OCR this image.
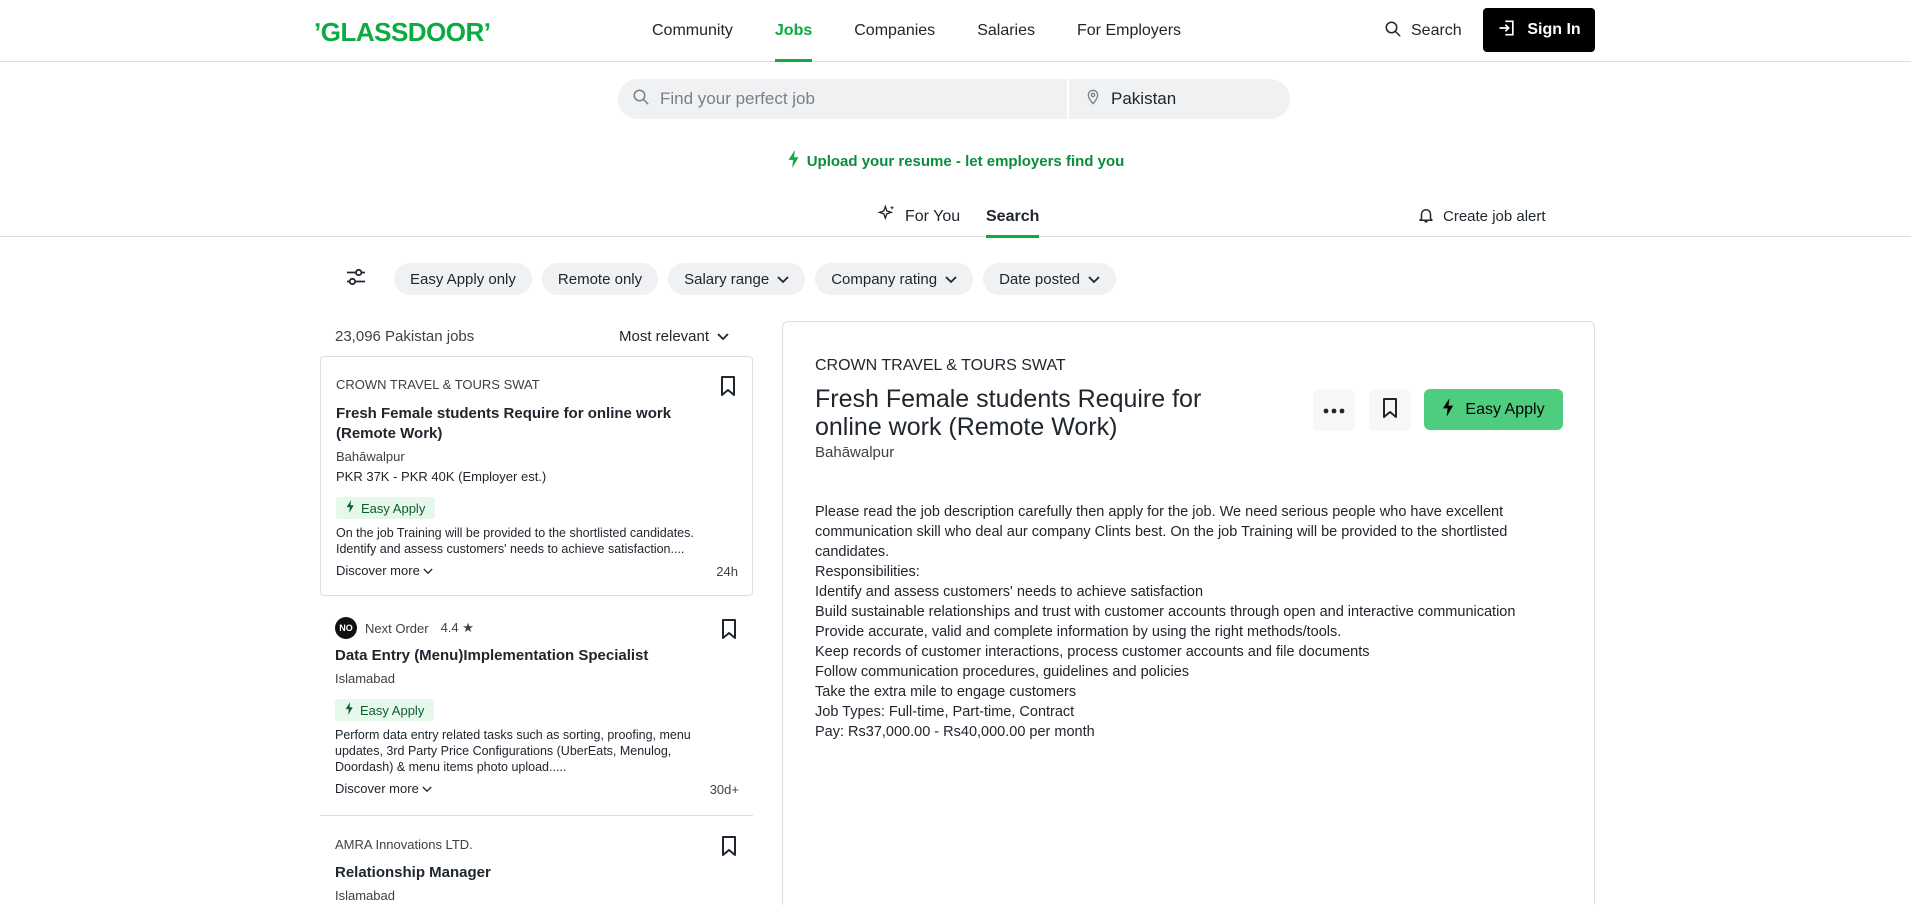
ʼGLASSDOORʼ	Community	Jobs	Companies	Salaries	For Employers	Search	Sign In
Find your perfect job
Pakistan
Upload your resume - let employers find you
For You Search	Create job alert
Easy Apply only	Remote only	Salary range	Company rating	Date posted
23,096 Pakistan jobs	Most relevant
CROWN TRAVEL & TOURS SWAT
Fresh Female students Require for online work (Remote Work)
Bahāwalpur
PKR 37K - PKR 40K (Employer est.)
Easy Apply
On the job Training will be provided to the shortlisted candidates. Identify and assess customers' needs to achieve satisfaction....
Discover more	24h
NO Next Order 4.4 ★
Data Entry (Menu)Implementation Specialist
Islamabad
Easy Apply
Perform data entry related tasks such as sorting, proofing, menu updates, 3rd Party Price Configurations (UberEats, Menulog, Doordash) & menu items photo upload.....
Discover more	30d+
AMRA Innovations LTD.
Relationship Manager
Islamabad
CROWN TRAVEL & TOURS SWAT
Fresh Female students Require for online work (Remote Work)
Bahāwalpur
Easy Apply

Please read the job description carefully then apply for the job. We need serious people who have excellent communication skill who deal aur company Clints best. On the job Training will be provided to the shortlisted candidates.

Responsibilities:

Identify and assess customers' needs to achieve satisfaction

Build sustainable relationships and trust with customer accounts through open and interactive communication

Provide accurate, valid and complete information by using the right methods/tools.

Keep records of customer interactions, process customer accounts and file documents

Follow communication procedures, guidelines and policies

Take the extra mile to engage customers

Job Types: Full-time, Part-time, Contract

Pay: Rs37,000.00 - Rs40,000.00 per month
